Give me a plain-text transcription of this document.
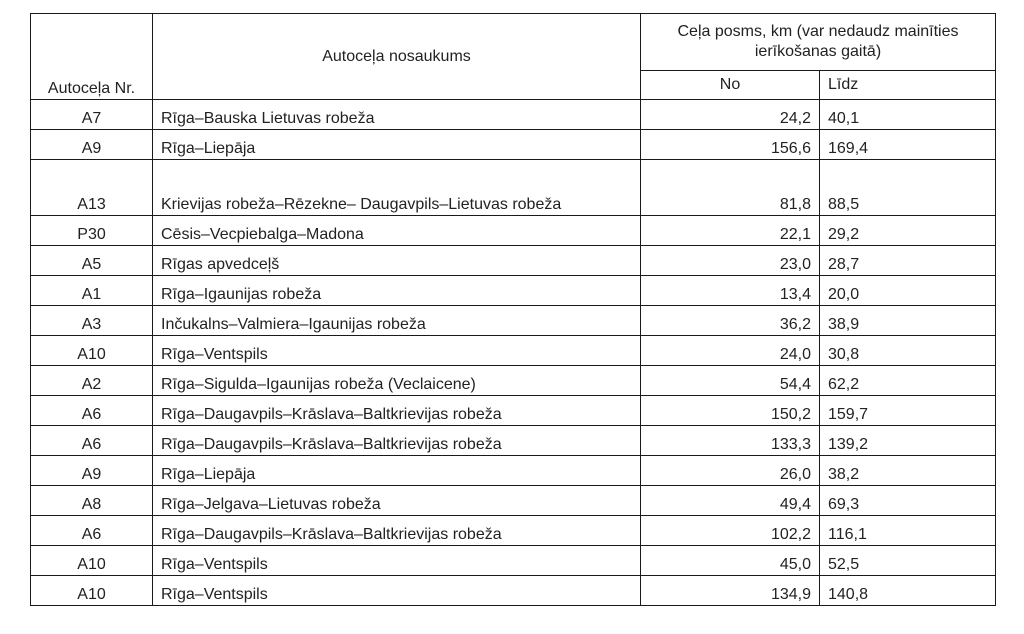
Autoceļa Nr.	Autoceļa nosaukums	Ceļa posms, km (var nedaudz mainīties ierīkošanas gaitā)	
		No	Līdz
A7	Rīga–Bauska Lietuvas robeža	24,2	40,1
A9	Rīga–Liepāja	156,6	169,4
A13	Krievijas robeža–Rēzekne– Daugavpils–Lietuvas robeža	81,8	88,5
P30	Cēsis–Vecpiebalga–Madona	22,1	29,2
A5	Rīgas apvedceļš	23,0	28,7
A1	Rīga–Igaunijas robeža	13,4	20,0
A3	Inčukalns–Valmiera–Igaunijas robeža	36,2	38,9
A10	Rīga–Ventspils	24,0	30,8
A2	Rīga–Sigulda–Igaunijas robeža (Veclaicene)	54,4	62,2
A6	Rīga–Daugavpils–Krāslava–Baltkrievijas robeža	150,2	159,7
A6	Rīga–Daugavpils–Krāslava–Baltkrievijas robeža	133,3	139,2
A9	Rīga–Liepāja	26,0	38,2
A8	Rīga–Jelgava–Lietuvas robeža	49,4	69,3
A6	Rīga–Daugavpils–Krāslava–Baltkrievijas robeža	102,2	116,1
A10	Rīga–Ventspils	45,0	52,5
A10	Rīga–Ventspils	134,9	140,8
